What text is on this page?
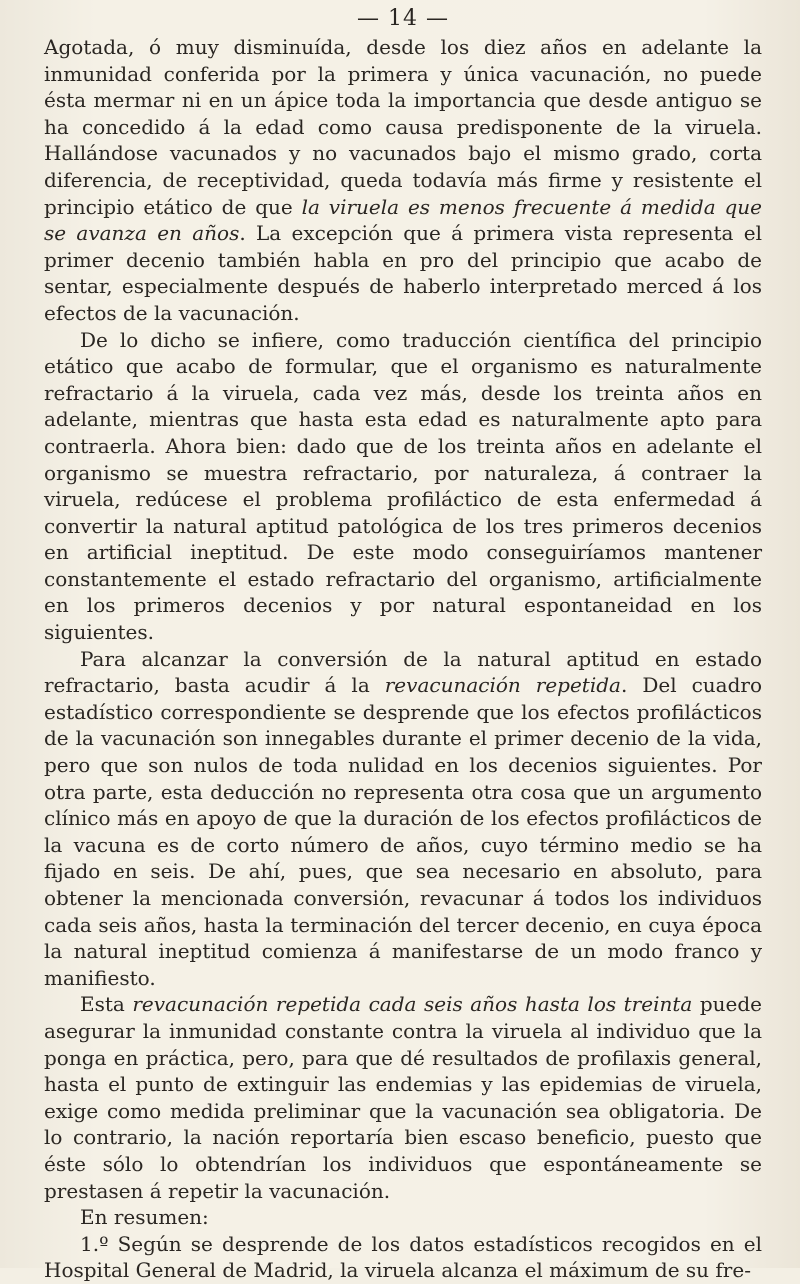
— 14 —

Agotada, ó muy disminuída, desde los diez años en adelante la inmunidad conferida por la primera y única vacunación, no puede ésta mermar ni en un ápice toda la importancia que desde antiguo se ha concedido á la edad como causa predisponente de la viruela. Hallándose vacunados y no vacunados bajo el mismo grado, corta diferencia, de receptividad, queda todavía más firme y resistente el principio etático de que la viruela es menos frecuente á medida que se avanza en años. La excepción que á primera vista representa el primer decenio también habla en pro del principio que acabo de sentar, especialmente después de haberlo interpretado merced á los efectos de la vacunación.

De lo dicho se infiere, como traducción científica del principio etático que acabo de formular, que el organismo es naturalmente refractario á la viruela, cada vez más, desde los treinta años en adelante, mientras que hasta esta edad es naturalmente apto para contraerla. Ahora bien: dado que de los treinta años en adelante el organismo se muestra refractario, por naturaleza, á contraer la viruela, redúcese el problema profiláctico de esta enfermedad á convertir la natural aptitud patológica de los tres primeros decenios en artificial ineptitud. De este modo conseguiríamos mantener constantemente el estado refractario del organismo, artificialmente en los primeros decenios y por natural espontaneidad en los siguientes.

Para alcanzar la conversión de la natural aptitud en estado refractario, basta acudir á la revacunación repetida. Del cuadro estadístico correspondiente se desprende que los efectos profilácticos de la vacunación son innegables durante el primer decenio de la vida, pero que son nulos de toda nulidad en los decenios siguientes. Por otra parte, esta deducción no representa otra cosa que un argumento clínico más en apoyo de que la duración de los efectos profilácticos de la vacuna es de corto número de años, cuyo término medio se ha fijado en seis. De ahí, pues, que sea necesario en absoluto, para obtener la mencionada conversión, revacunar á todos los individuos cada seis años, hasta la terminación del tercer decenio, en cuya época la natural ineptitud comienza á manifestarse de un modo franco y manifiesto.

Esta revacunación repetida cada seis años hasta los treinta puede asegurar la inmunidad constante contra la viruela al individuo que la ponga en práctica, pero, para que dé resultados de profilaxis general, hasta el punto de extinguir las endemias y las epidemias de viruela, exige como medida preliminar que la vacunación sea obligatoria. De lo contrario, la nación reportaría bien escaso beneficio, puesto que éste sólo lo obtendrían los individuos que espontáneamente se prestasen á repetir la vacunación.

En resumen:

1.º Según se desprende de los datos estadísticos recogidos en el Hospital General de Madrid, la viruela alcanza el máximum de su fre-
